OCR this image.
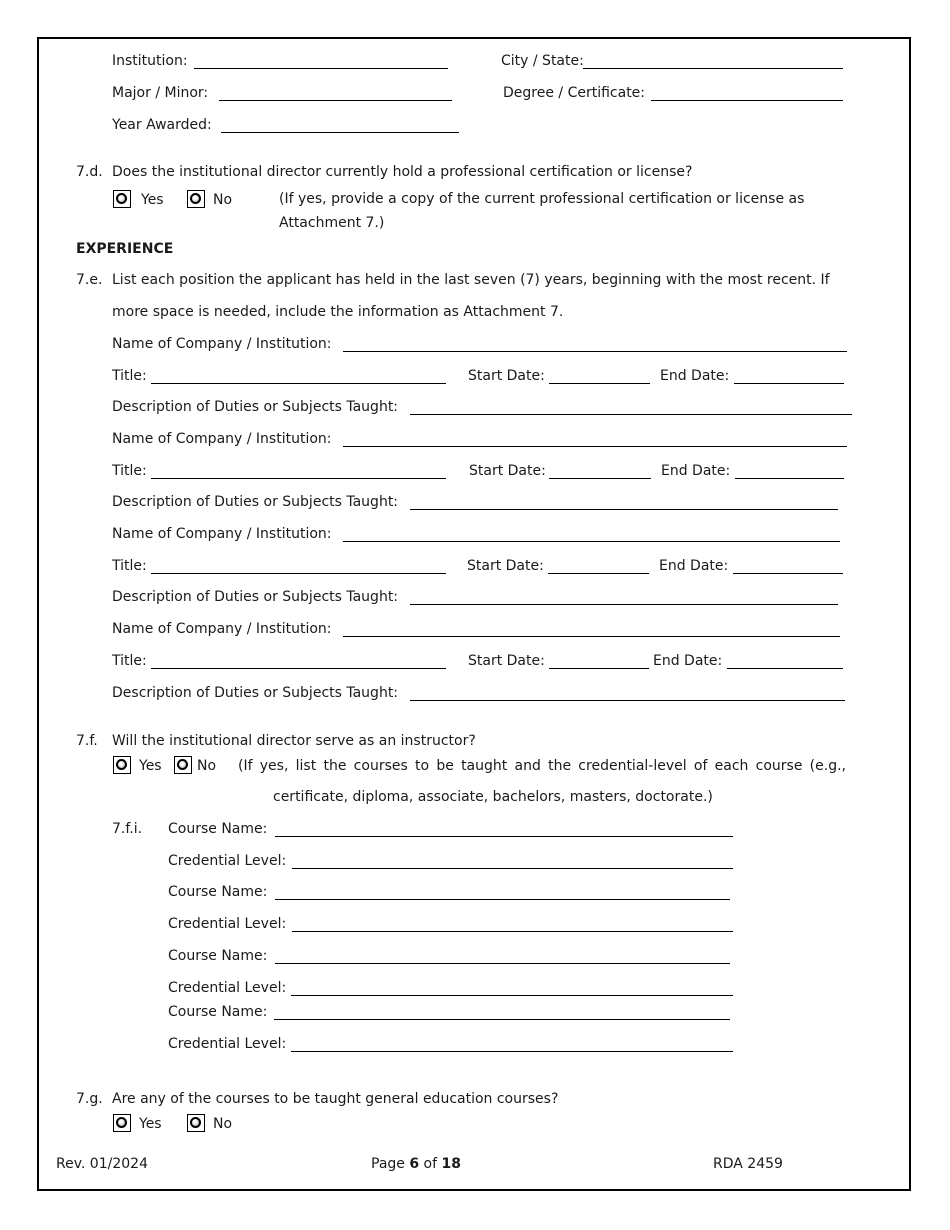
Institution:	City / State:
Major / Minor:	Degree / Certificate:
Year Awarded:
7.d. Does the institutional director currently hold a professional certification or license?
Yes	No	(If yes, provide a copy of the current professional certification or license as Attachment 7.)
EXPERIENCE
7.e. List each position the applicant has held in the last seven (7) years, beginning with the most recent. If
more space is needed, include the information as Attachment 7.
Name of Company / Institution:
Title:	Start Date:	End Date:
Description of Duties or Subjects Taught:
Name of Company / Institution:
Title:	Start Date:	End Date:
Description of Duties or Subjects Taught:
Name of Company / Institution:
Title:	Start Date:	End Date:
Description of Duties or Subjects Taught:
Name of Company / Institution:
Title:	Start Date:	End Date:
Description of Duties or Subjects Taught:
7.f. Will the institutional director serve as an instructor?
Yes	No (If yes, list the courses to be taught and the credential-level of each course (e.g.,
certificate, diploma, associate, bachelors, masters, doctorate.)
7.f.i. Course Name:
Credential Level:
Course Name:
Credential Level:
Course Name:
Credential Level:
Course Name:
Credential Level:
7.g. Are any of the courses to be taught general education courses?
Yes	No
Rev. 01/2024	Page 6 of 18	RDA 2459
